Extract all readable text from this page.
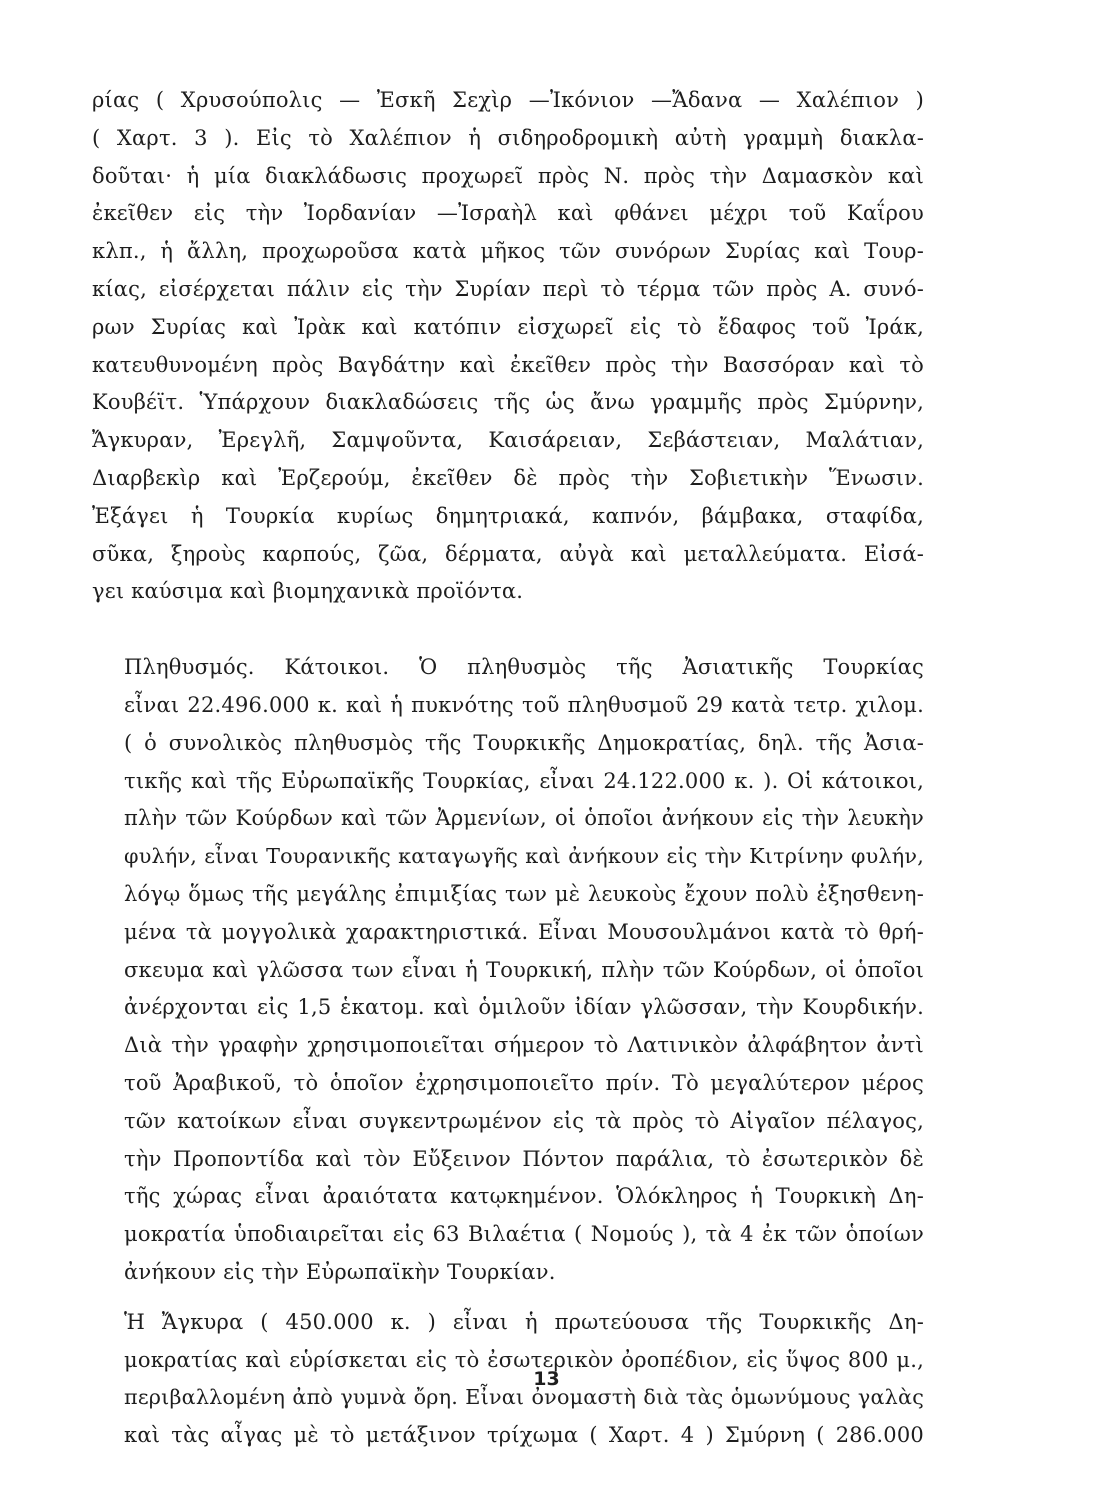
ρίας ( Χρυσούπολις — Ἐσκῆ Σεχὶρ —Ἰκόνιον —Ἄδανα — Χαλέπιον )
( Χαρτ. 3 ). Εἰς τὸ Χαλέπιον ἡ σιδηροδρομικὴ αὐτὴ γραμμὴ διακλα-
δοῦται· ἡ μία διακλάδωσις προχωρεῖ πρὸς Ν. πρὸς τὴν Δαμασκὸν καὶ
ἐκεῖθεν εἰς τὴν Ἰορδανίαν —Ἰσραὴλ καὶ φθάνει μέχρι τοῦ Καΐρου
κλπ., ἡ ἄλλη, προχωροῦσα κατὰ μῆκος τῶν συνόρων Συρίας καὶ Τουρ-
κίας, εἰσέρχεται πάλιν εἰς τὴν Συρίαν περὶ τὸ τέρμα τῶν πρὸς Α. συνό-
ρων Συρίας καὶ Ἰρὰκ καὶ κατόπιν εἰσχωρεῖ εἰς τὸ ἔδαφος τοῦ Ἰράκ,
κατευθυνομένη πρὸς Βαγδάτην καὶ ἐκεῖθεν πρὸς τὴν Βασσόραν καὶ τὸ
Κουβέϊτ. Ὑπάρχουν διακλαδώσεις τῆς ὡς ἄνω γραμμῆς πρὸς Σμύρνην,
Ἄγκυραν, Ἐρεγλῆ, Σαμψοῦντα, Καισάρειαν, Σεβάστειαν, Μαλάτιαν,
Διαρβεκὶρ καὶ Ἐρζερούμ, ἐκεῖθεν δὲ πρὸς τὴν Σοβιετικὴν Ἕνωσιν.
Ἐξάγει ἡ Τουρκία κυρίως δημητριακά, καπνόν, βάμβακα, σταφίδα,
σῦκα, ξηροὺς καρπούς, ζῶα, δέρματα, αὐγὰ καὶ μεταλλεύματα. Εἰσά-
γει καύσιμα καὶ βιομηχανικὰ προϊόντα.

Πληθυσμός. Κάτοικοι. Ὁ πληθυσμὸς τῆς Ἀσιατικῆς Τουρκίας
εἶναι 22.496.000 κ. καὶ ἡ πυκνότης τοῦ πληθυσμοῦ 29 κατὰ τετρ. χιλομ.
( ὁ συνολικὸς πληθυσμὸς τῆς Τουρκικῆς Δημοκρατίας, δηλ. τῆς Ἀσια-
τικῆς καὶ τῆς Εὐρωπαϊκῆς Τουρκίας, εἶναι 24.122.000 κ. ). Οἱ κάτοικοι,
πλὴν τῶν Κούρδων καὶ τῶν Ἀρμενίων, οἱ ὁποῖοι ἀνήκουν εἰς τὴν λευκὴν
φυλήν, εἶναι Τουρανικῆς καταγωγῆς καὶ ἀνήκουν εἰς τὴν Κιτρίνην φυλήν,
λόγῳ ὅμως τῆς μεγάλης ἐπιμιξίας των μὲ λευκοὺς ἔχουν πολὺ ἐξησθενη-
μένα τὰ μογγολικὰ χαρακτηριστικά. Εἶναι Μουσουλμάνοι κατὰ τὸ θρή-
σκευμα καὶ γλῶσσα των εἶναι ἡ Τουρκική, πλὴν τῶν Κούρδων, οἱ ὁποῖοι
ἀνέρχονται εἰς 1,5 ἑκατομ. καὶ ὁμιλοῦν ἰδίαν γλῶσσαν, τὴν Κουρδικήν.
Διὰ τὴν γραφὴν χρησιμοποιεῖται σήμερον τὸ Λατινικὸν ἀλφάβητον ἀντὶ
τοῦ Ἀραβικοῦ, τὸ ὁποῖον ἐχρησιμοποιεῖτο πρίν. Τὸ μεγαλύτερον μέρος
τῶν κατοίκων εἶναι συγκεντρωμένον εἰς τὰ πρὸς τὸ Αἰγαῖον πέλαγος,
τὴν Προποντίδα καὶ τὸν Εὔξεινον Πόντον παράλια, τὸ ἐσωτερικὸν δὲ
τῆς χώρας εἶναι ἀραιότατα κατῳκημένον. Ὁλόκληρος ἡ Τουρκικὴ Δη-
μοκρατία ὑποδιαιρεῖται εἰς 63 Βιλαέτια ( Νομούς ), τὰ 4 ἐκ τῶν ὁποίων
ἀνήκουν εἰς τὴν Εὐρωπαϊκὴν Τουρκίαν.

Ἡ Ἄγκυρα ( 450.000 κ. ) εἶναι ἡ πρωτεύουσα τῆς Τουρκικῆς Δη-
μοκρατίας καὶ εὑρίσκεται εἰς τὸ ἐσωτερικὸν ὀροπέδιον, εἰς ὕψος 800 μ.,
περιβαλλομένη ἀπὸ γυμνὰ ὄρη. Εἶναι ὀνομαστὴ διὰ τὰς ὁμωνύμους γαλὰς
καὶ τὰς αἶγας μὲ τὸ μετάξινον τρίχωμα ( Χαρτ. 4 ) Σμύρνη ( 286.000

13
